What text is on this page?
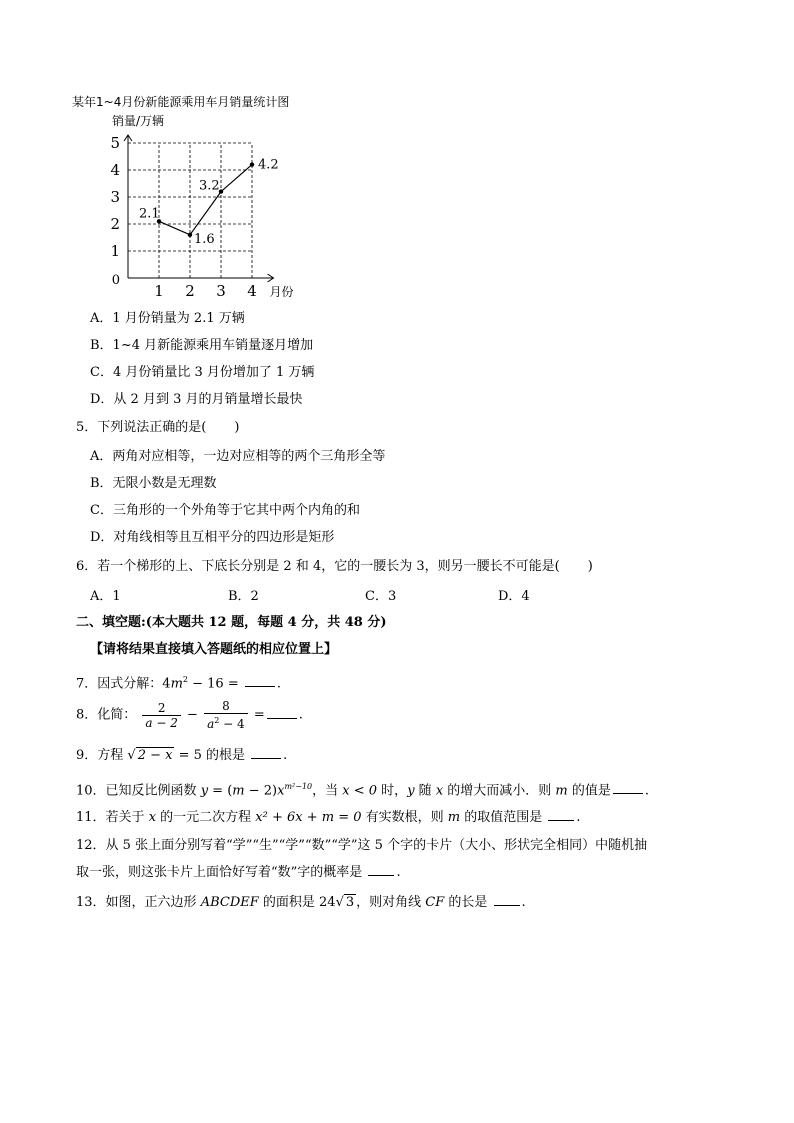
某年1~4月份新能源乘用车月销量统计图
销量/万辆
1
2
3
4
5
1 2 3 4
0
月份
2.1
1.6
3.2
4.2
A．1 月份销量为 2.1 万辆
B．1~4 月新能源乘用车销量逐月增加
C．4 月份销量比 3 月份增加了 1 万辆
D．从 2 月到 3 月的月销量增长最快
5．下列说法正确的是( )
A．两角对应相等，一边对应相等的两个三角形全等
B．无限小数是无理数
C．三角形的一个外角等于它其中两个内角的和
D．对角线相等且互相平分的四边形是矩形
6．若一个梯形的上、下底长分别是 2 和 4，它的一腰长为 3，则另一腰长不可能是( )
A．1	B．2	C．3	D．4
二、填空题:(本大题共 12 题，每题 4 分，共 48 分)
【请将结果直接填入答题纸的相应位置上】
7．因式分解：$4m^2 - 16$ =	.
8．化简： $\frac{2}{a - 2} - \frac{8}{a^2 - 4}$ =	.
9．方程 √ 2 − x = 5 的根是	.
10．已知反比例函数 $y = (m - 2)x^{m^2-10}$，当 x < 0 时，y 随 x 的增大而减小．则 m 的值是	.
11．若关于 x 的一元二次方程 x² + 6x + m = 0 有实数根，则 m 的取值范围是 .
12．从 5 张上面分别写着“学”“生”“学”“数”“学”这 5 个字的卡片（大小、形状完全相同）中随机抽
取一张，则这张卡片上面恰好写着“数”字的概率是 .
13．如图，正六边形 ABCDEF 的面积是 24√ 3 ，则对角线 CF 的长是 .
